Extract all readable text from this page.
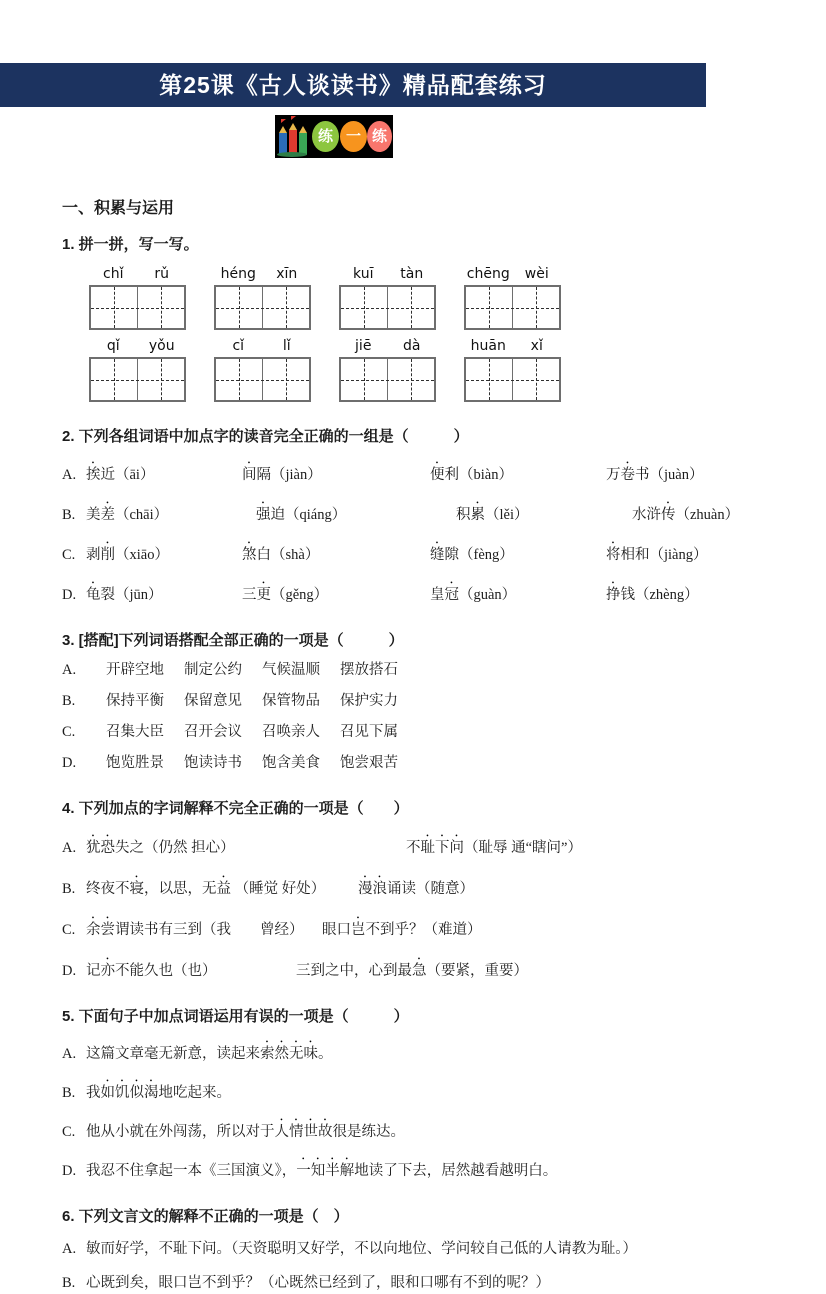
第25课《古人谈读书》精品配套练习
练 一 练
一、积累与运用
1. 拼一拼，写一写。
chǐ	rǔ	héng	xīn	kuī	tàn	chēng	wèi
qǐ	yǒu	cǐ	lǐ	jiē	dà	huān	xǐ
2. 下列各组词语中加点字的读音完全正确的一组是（　　　）
A. 挨近（āi）	间隔（jiàn）	便利（biàn）	万卷书（juàn）
B. 美差（chāi）	强迫（qiáng）	积累（lěi）	水浒传（zhuàn）
C. 剥削（xiāo）	煞白（shà）	缝隙（fèng）	将相和（jiàng）
D. 龟裂（jūn）	三更（gěng）	皇冠（guàn）	挣钱（zhèng）
3. [搭配]下列词语搭配全部正确的一项是（　　　）
A.	开辟空地 制定公约 气候温顺 摆放搭石
B.	保持平衡 保留意见 保管物品 保护实力
C.	召集大臣 召开会议 召唤亲人 召见下属
D.	饱览胜景 饱读诗书 饱含美食 饱尝艰苦
4. 下列加点的字词解释不完全正确的一项是（　　）
A. 犹恐失之（仍然 担心）	不耻下问（耻辱 通“瞎问”）
B. 终夜不寝，以思，无益 （睡觉 好处）	漫浪诵读（随意）
C. 余尝谓读书有三到（我　　曾经）	眼口岂不到乎？（难道）
D. 记亦不能久也（也）	三到之中，心到最急（要紧，重要）
5. 下面句子中加点词语运用有误的一项是（　　　）
A. 这篇文章毫无新意，读起来索然无味。
B. 我如饥似渴地吃起来。
C. 他从小就在外闯荡，所以对于人情世故很是练达。
D. 我忍不住拿起一本《三国演义》，一知半解地读了下去，居然越看越明白。
6. 下列文言文的解释不正确的一项是（　）
A. 敏而好学，不耻下问。（天资聪明又好学，不以向地位、学问较自己低的人请教为耻。）
B. 心既到矣，眼口岂不到乎？（心既然已经到了，眼和口哪有不到的呢？）
